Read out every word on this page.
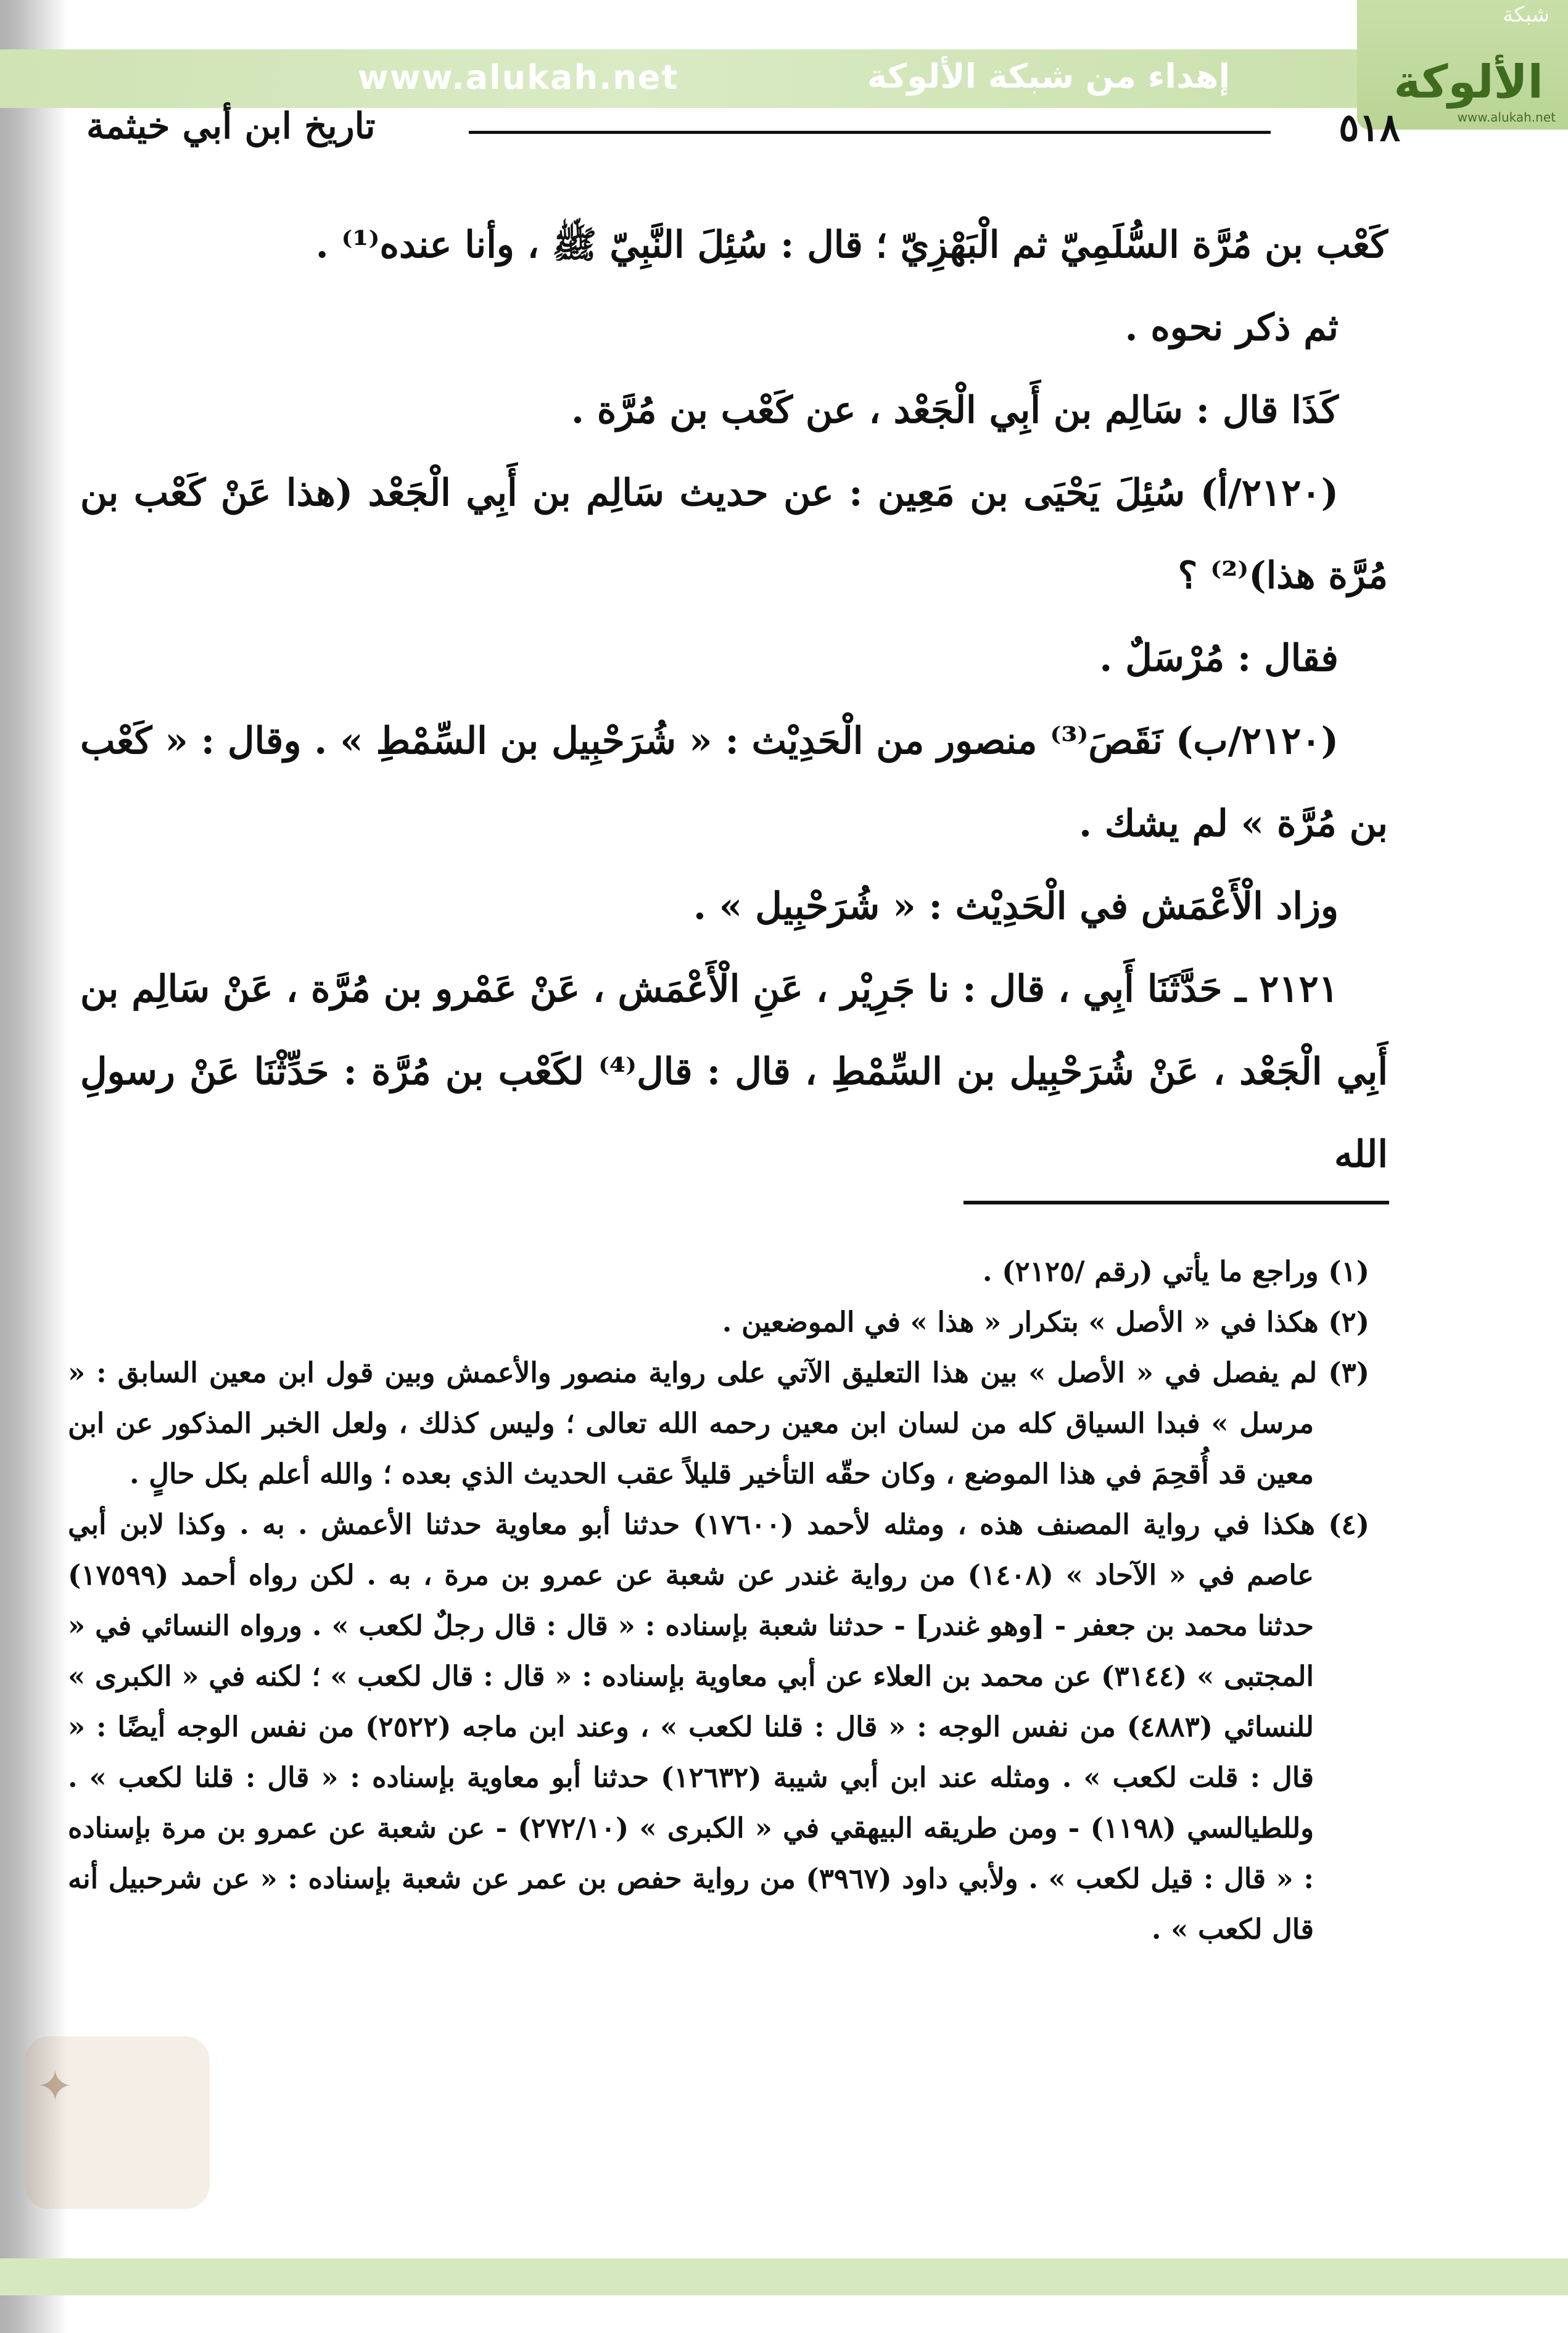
www.alukah.net	إهداء من شبكة الألوكة
شبكة
الألوكة
www.alukah.net
٥١٨
تاريخ ابن أبي خيثمة

كَعْب بن مُرَّة السُّلَمِيّ ثم الْبَهْزِيّ ؛ قال : سُئِلَ النَّبِيّ ﷺ ، وأنا عنده⁽¹⁾ .

ثم ذكر نحوه .

كَذَا قال : سَالِم بن أَبِي الْجَعْد ، عن كَعْب بن مُرَّة .

(٢١٢٠/أ) سُئِلَ يَحْيَى بن مَعِين : عن حديث سَالِم بن أَبِي الْجَعْد (هذا عَنْ كَعْب بن مُرَّة هذا)⁽²⁾ ؟

فقال : مُرْسَلٌ .

(٢١٢٠/ب) نَقَصَ⁽³⁾ منصور من الْحَدِيْث : « شُرَحْبِيل بن السِّمْطِ » . وقال : « كَعْب بن مُرَّة » لم يشك .

وزاد الْأَعْمَش في الْحَدِيْث : « شُرَحْبِيل » .

٢١٢١ ـ حَدَّثَنَا أَبِي ، قال : نا جَرِيْر ، عَنِ الْأَعْمَش ، عَنْ عَمْرو بن مُرَّة ، عَنْ سَالِم بن أَبِي الْجَعْد ، عَنْ شُرَحْبِيل بن السِّمْطِ ، قال : قال⁽⁴⁾ لكَعْب بن مُرَّة : حَدِّثْنَا عَنْ رسولِ الله

(١) وراجع ما يأتي (رقم /٢١٢٥) .

(٢) هكذا في « الأصل » بتكرار « هذا » في الموضعين .

(٣) لم يفصل في « الأصل » بين هذا التعليق الآتي على رواية منصور والأعمش وبين قول ابن معين السابق : « مرسل » فبدا السياق كله من لسان ابن معين رحمه الله تعالى ؛ وليس كذلك ، ولعل الخبر المذكور عن ابن معين قد أُقحِمَ في هذا الموضع ، وكان حقّه التأخير قليلاً عقب الحديث الذي بعده ؛ والله أعلم بكل حالٍ .

(٤) هكذا في رواية المصنف هذه ، ومثله لأحمد (١٧٦٠٠) حدثنا أبو معاوية حدثنا الأعمش . به . وكذا لابن أبي عاصم في « الآحاد » (١٤٠٨) من رواية غندر عن شعبة عن عمرو بن مرة ، به . لكن رواه أحمد (١٧٥٩٩) حدثنا محمد بن جعفر - [وهو غندر] - حدثنا شعبة بإسناده : « قال : قال رجلٌ لكعب » . ورواه النسائي في « المجتبى » (٣١٤٤) عن محمد بن العلاء عن أبي معاوية بإسناده : « قال : قال لكعب » ؛ لكنه في « الكبرى » للنسائي (٤٨٨٣) من نفس الوجه : « قال : قلنا لكعب » ، وعند ابن ماجه (٢٥٢٢) من نفس الوجه أيضًا : « قال : قلت لكعب » . ومثله عند ابن أبي شيبة (١٢٦٣٢) حدثنا أبو معاوية بإسناده : « قال : قلنا لكعب » . وللطيالسي (١١٩٨) - ومن طريقه البيهقي في « الكبرى » (٢٧٢/١٠) - عن شعبة عن عمرو بن مرة بإسناده : « قال : قيل لكعب » . ولأبي داود (٣٩٦٧) من رواية حفص بن عمر عن شعبة بإسناده : « عن شرحبيل أنه قال لكعب » .

✦
